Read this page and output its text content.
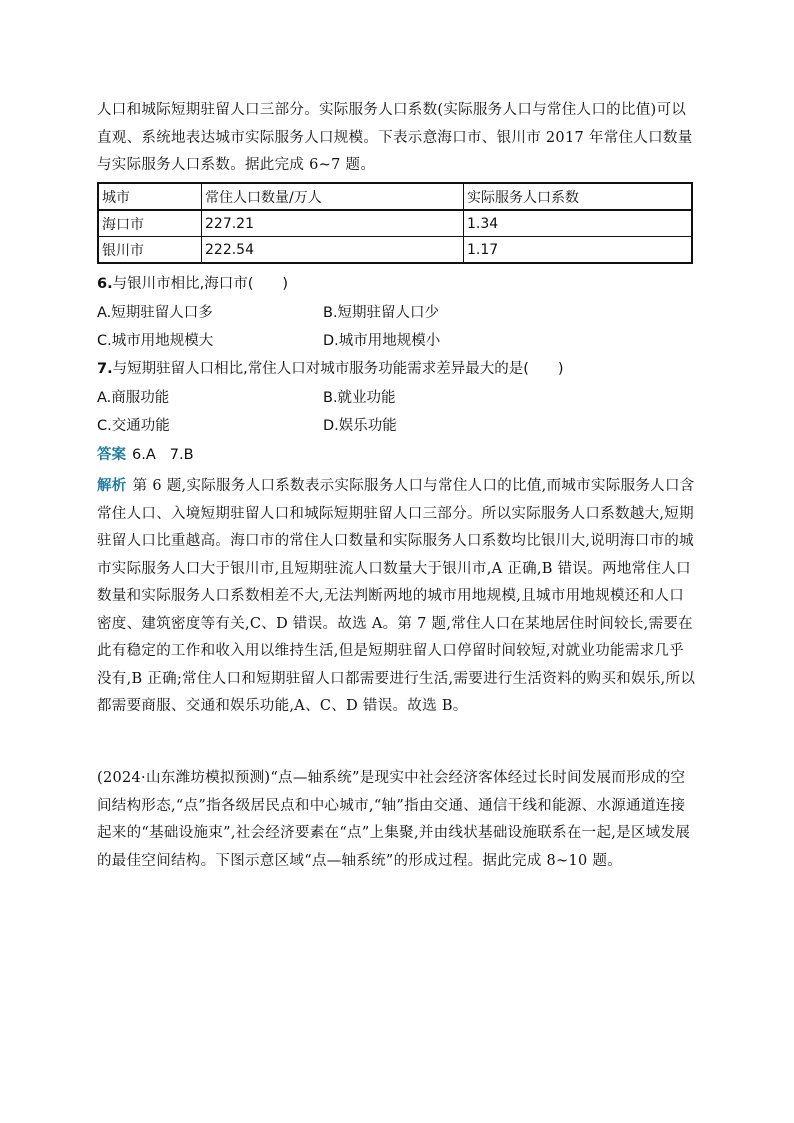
人口和城际短期驻留人口三部分。实际服务人口系数(实际服务人口与常住人口的比值)可以直观、系统地表达城市实际服务人口规模。下表示意海口市、银川市 2017 年常住人口数量与实际服务人口系数。据此完成 6~7 题。

城市	常住人口数量/万人	实际服务人口系数
海口市	227.21	1.34
银川市	222.54	1.17
6.与银川市相比,海口市(　　)
A.短期驻留人口多	B.短期驻留人口少
C.城市用地规模大	D.城市用地规模小
7.与短期驻留人口相比,常住人口对城市服务功能需求差异最大的是(　　)
A.商服功能	B.就业功能
C.交通功能	D.娱乐功能
答案 6.A 7.B

解析 第 6 题,实际服务人口系数表示实际服务人口与常住人口的比值,而城市实际服务人口含常住人口、入境短期驻留人口和城际短期驻留人口三部分。所以实际服务人口系数越大,短期驻留人口比重越高。海口市的常住人口数量和实际服务人口系数均比银川大,说明海口市的城市实际服务人口大于银川市,且短期驻流人口数量大于银川市,A 正确,B 错误。两地常住人口数量和实际服务人口系数相差不大,无法判断两地的城市用地规模,且城市用地规模还和人口密度、建筑密度等有关,C、D 错误。故选 A。第 7 题,常住人口在某地居住时间较长,需要在此有稳定的工作和收入用以维持生活,但是短期驻留人口停留时间较短,对就业功能需求几乎没有,B 正确;常住人口和短期驻留人口都需要进行生活,需要进行生活资料的购买和娱乐,所以都需要商服、交通和娱乐功能,A、C、D 错误。故选 B。

(2024·山东潍坊模拟预测)“点—轴系统”是现实中社会经济客体经过长时间发展而形成的空间结构形态,“点”指各级居民点和中心城市,“轴”指由交通、通信干线和能源、水源通道连接起来的“基础设施束”,社会经济要素在“点”上集聚,并由线状基础设施联系在一起,是区域发展的最佳空间结构。下图示意区域“点—轴系统”的形成过程。据此完成 8~10 题。
